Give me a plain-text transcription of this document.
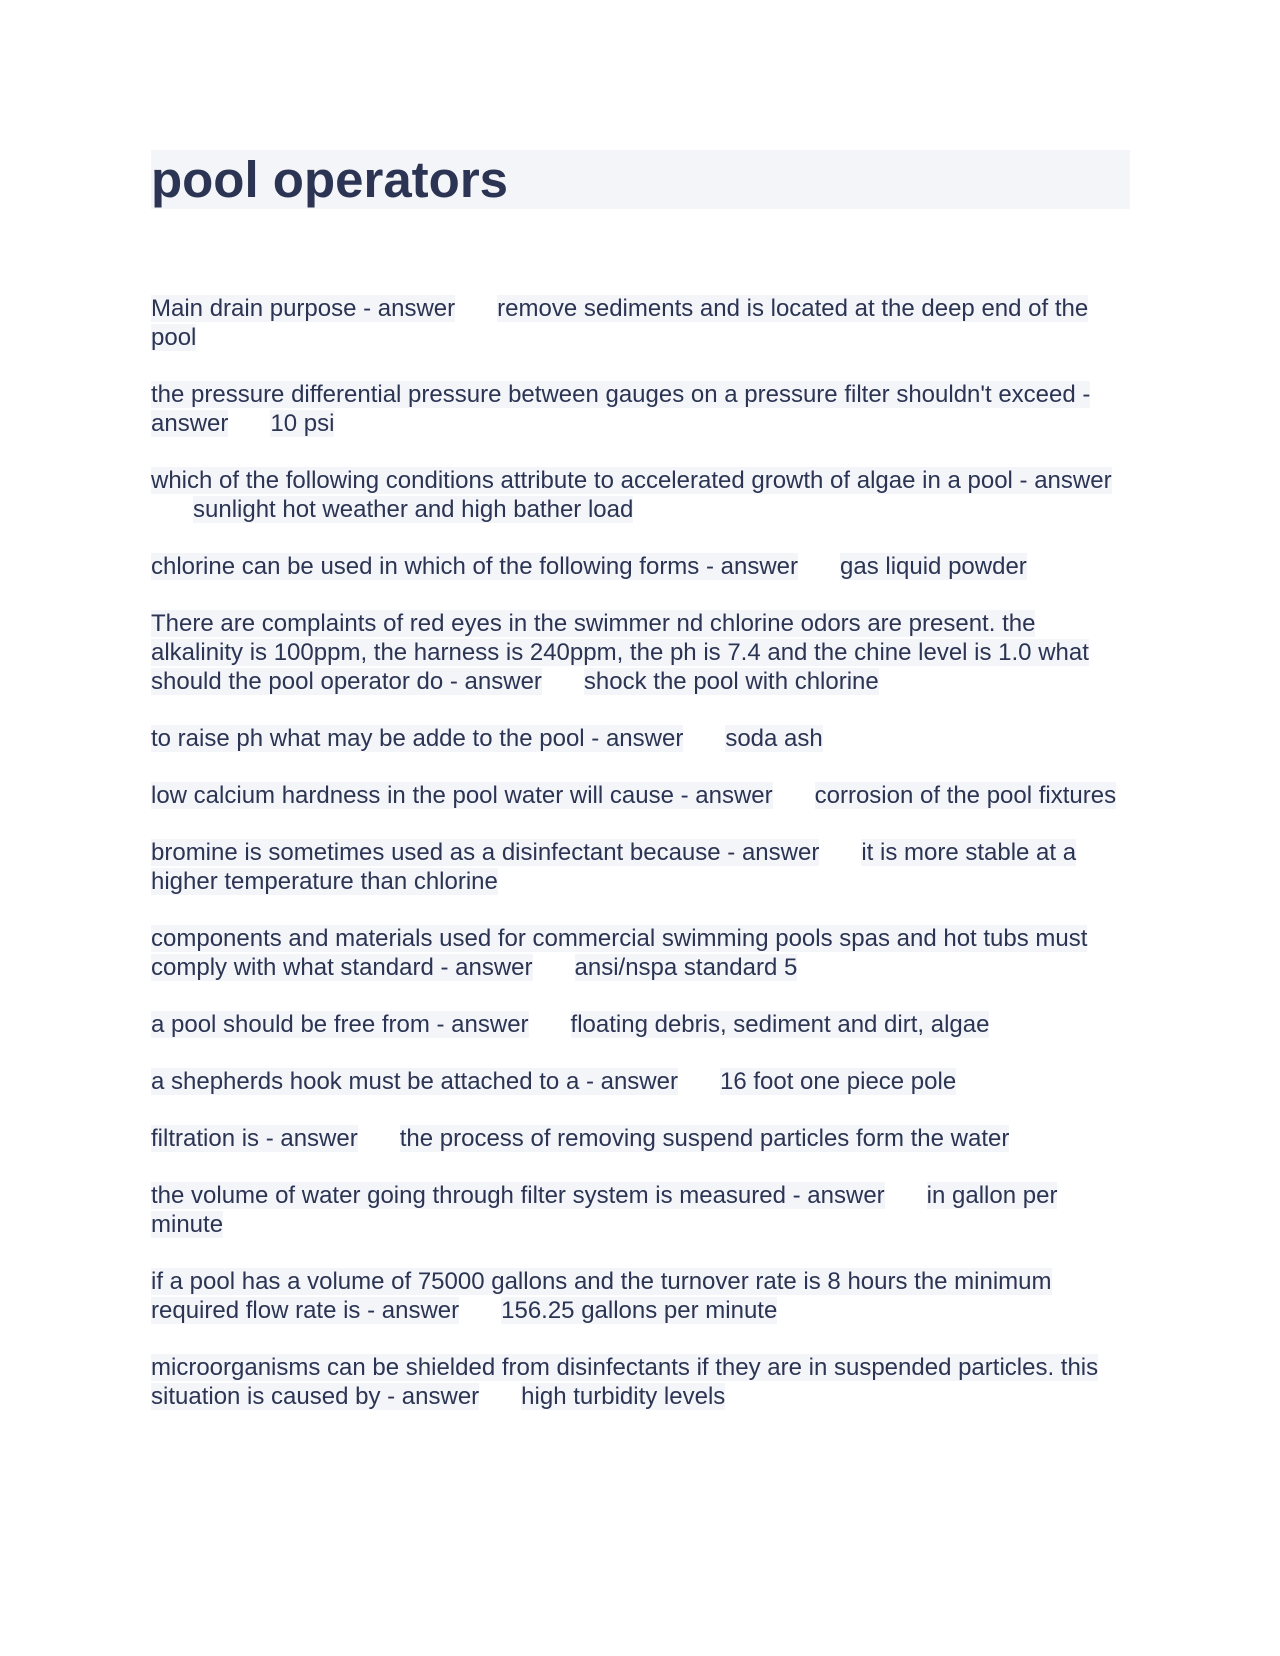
pool operators

Main drain purpose - answer remove sediments and is located at the deep end of the pool

the pressure differential pressure between gauges on a pressure filter shouldn't exceed - answer 10 psi

which of the following conditions attribute to accelerated growth of algae in a pool - answersunlight hot weather and high bather load

chlorine can be used in which of the following forms - answer gas liquid powder

There are complaints of red eyes in the swimmer nd chlorine odors are present. the alkalinity is 100ppm, the harness is 240ppm, the ph is 7.4 and the chine level is 1.0 what should the pool operator do - answer shock the pool with chlorine

to raise ph what may be adde to the pool - answer soda ash

low calcium hardness in the pool water will cause - answer corrosion of the pool fixtures

bromine is sometimes used as a disinfectant because - answer it is more stable at a higher temperature than chlorine

components and materials used for commercial swimming pools spas and hot tubs must comply with what standard - answer ansi/nspa standard 5

a pool should be free from - answer floating debris, sediment and dirt, algae

a shepherds hook must be attached to a - answer 16 foot one piece pole

filtration is - answer the process of removing suspend particles form the water

the volume of water going through filter system is measured - answer in gallon per minute

if a pool has a volume of 75000 gallons and the turnover rate is 8 hours the minimum required flow rate is - answer 156.25 gallons per minute

microorganisms can be shielded from disinfectants if they are in suspended particles. this situation is caused by - answer high turbidity levels
